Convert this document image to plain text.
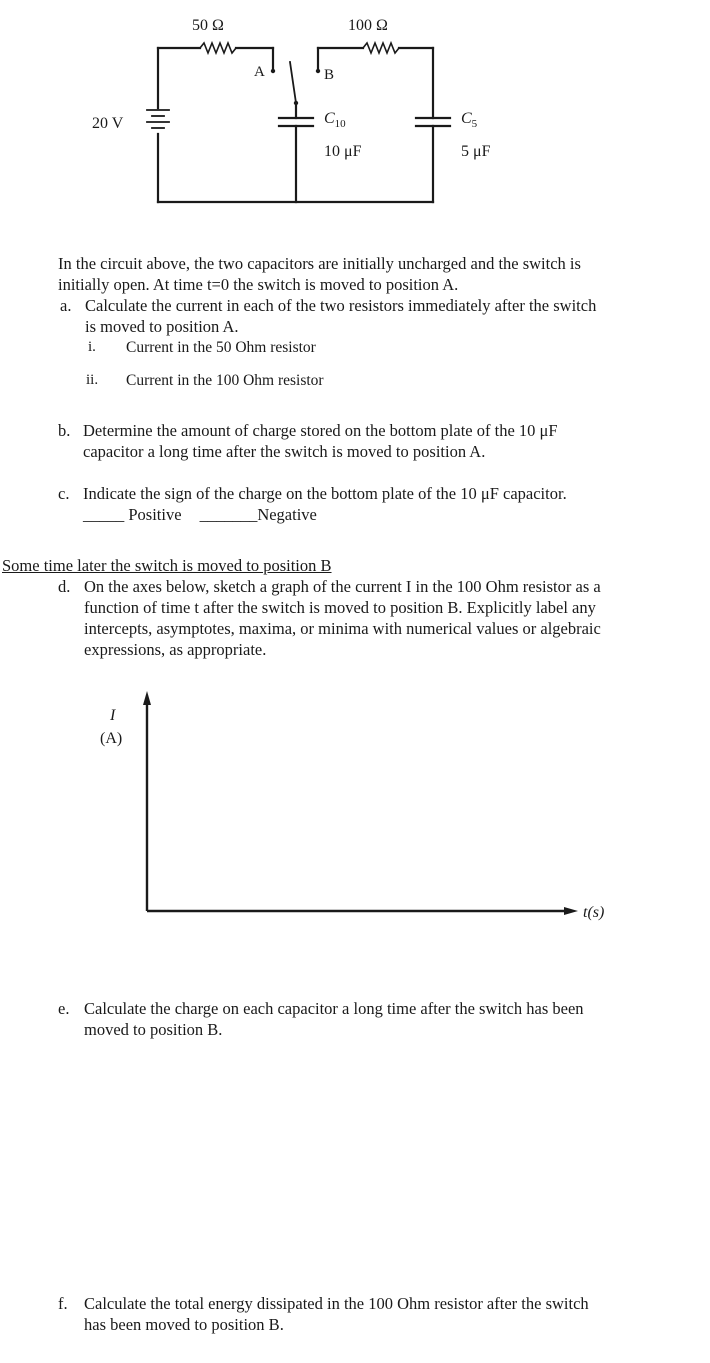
20 V
50 Ω	100 Ω
A	B
$C_{10}$
10 μF
$C_5$
5 μF
In the circuit above, the two capacitors are initially uncharged and the switch is
initially open. At time t=0 the switch is moved to position A.
a. Calculate the current in each of the two resistors immediately after the switch
is moved to position A.
i. Current in the 50 Ohm resistor
ii. Current in the 100 Ohm resistor
b. Determine the amount of charge stored on the bottom plate of the 10 μF
capacitor a long time after the switch is moved to position A.
c. Indicate the sign of the charge on the bottom plate of the 10 μF capacitor.
_____ Positive _______Negative
Some time later the switch is moved to position B
d. On the axes below, sketch a graph of the current I in the 100 Ohm resistor as a
function of time t after the switch is moved to position B. Explicitly label any
intercepts, asymptotes, maxima, or minima with numerical values or algebraic
expressions, as appropriate.
I
(A)
t(s)
e. Calculate the charge on each capacitor a long time after the switch has been
moved to position B.
f. Calculate the total energy dissipated in the 100 Ohm resistor after the switch
has been moved to position B.
